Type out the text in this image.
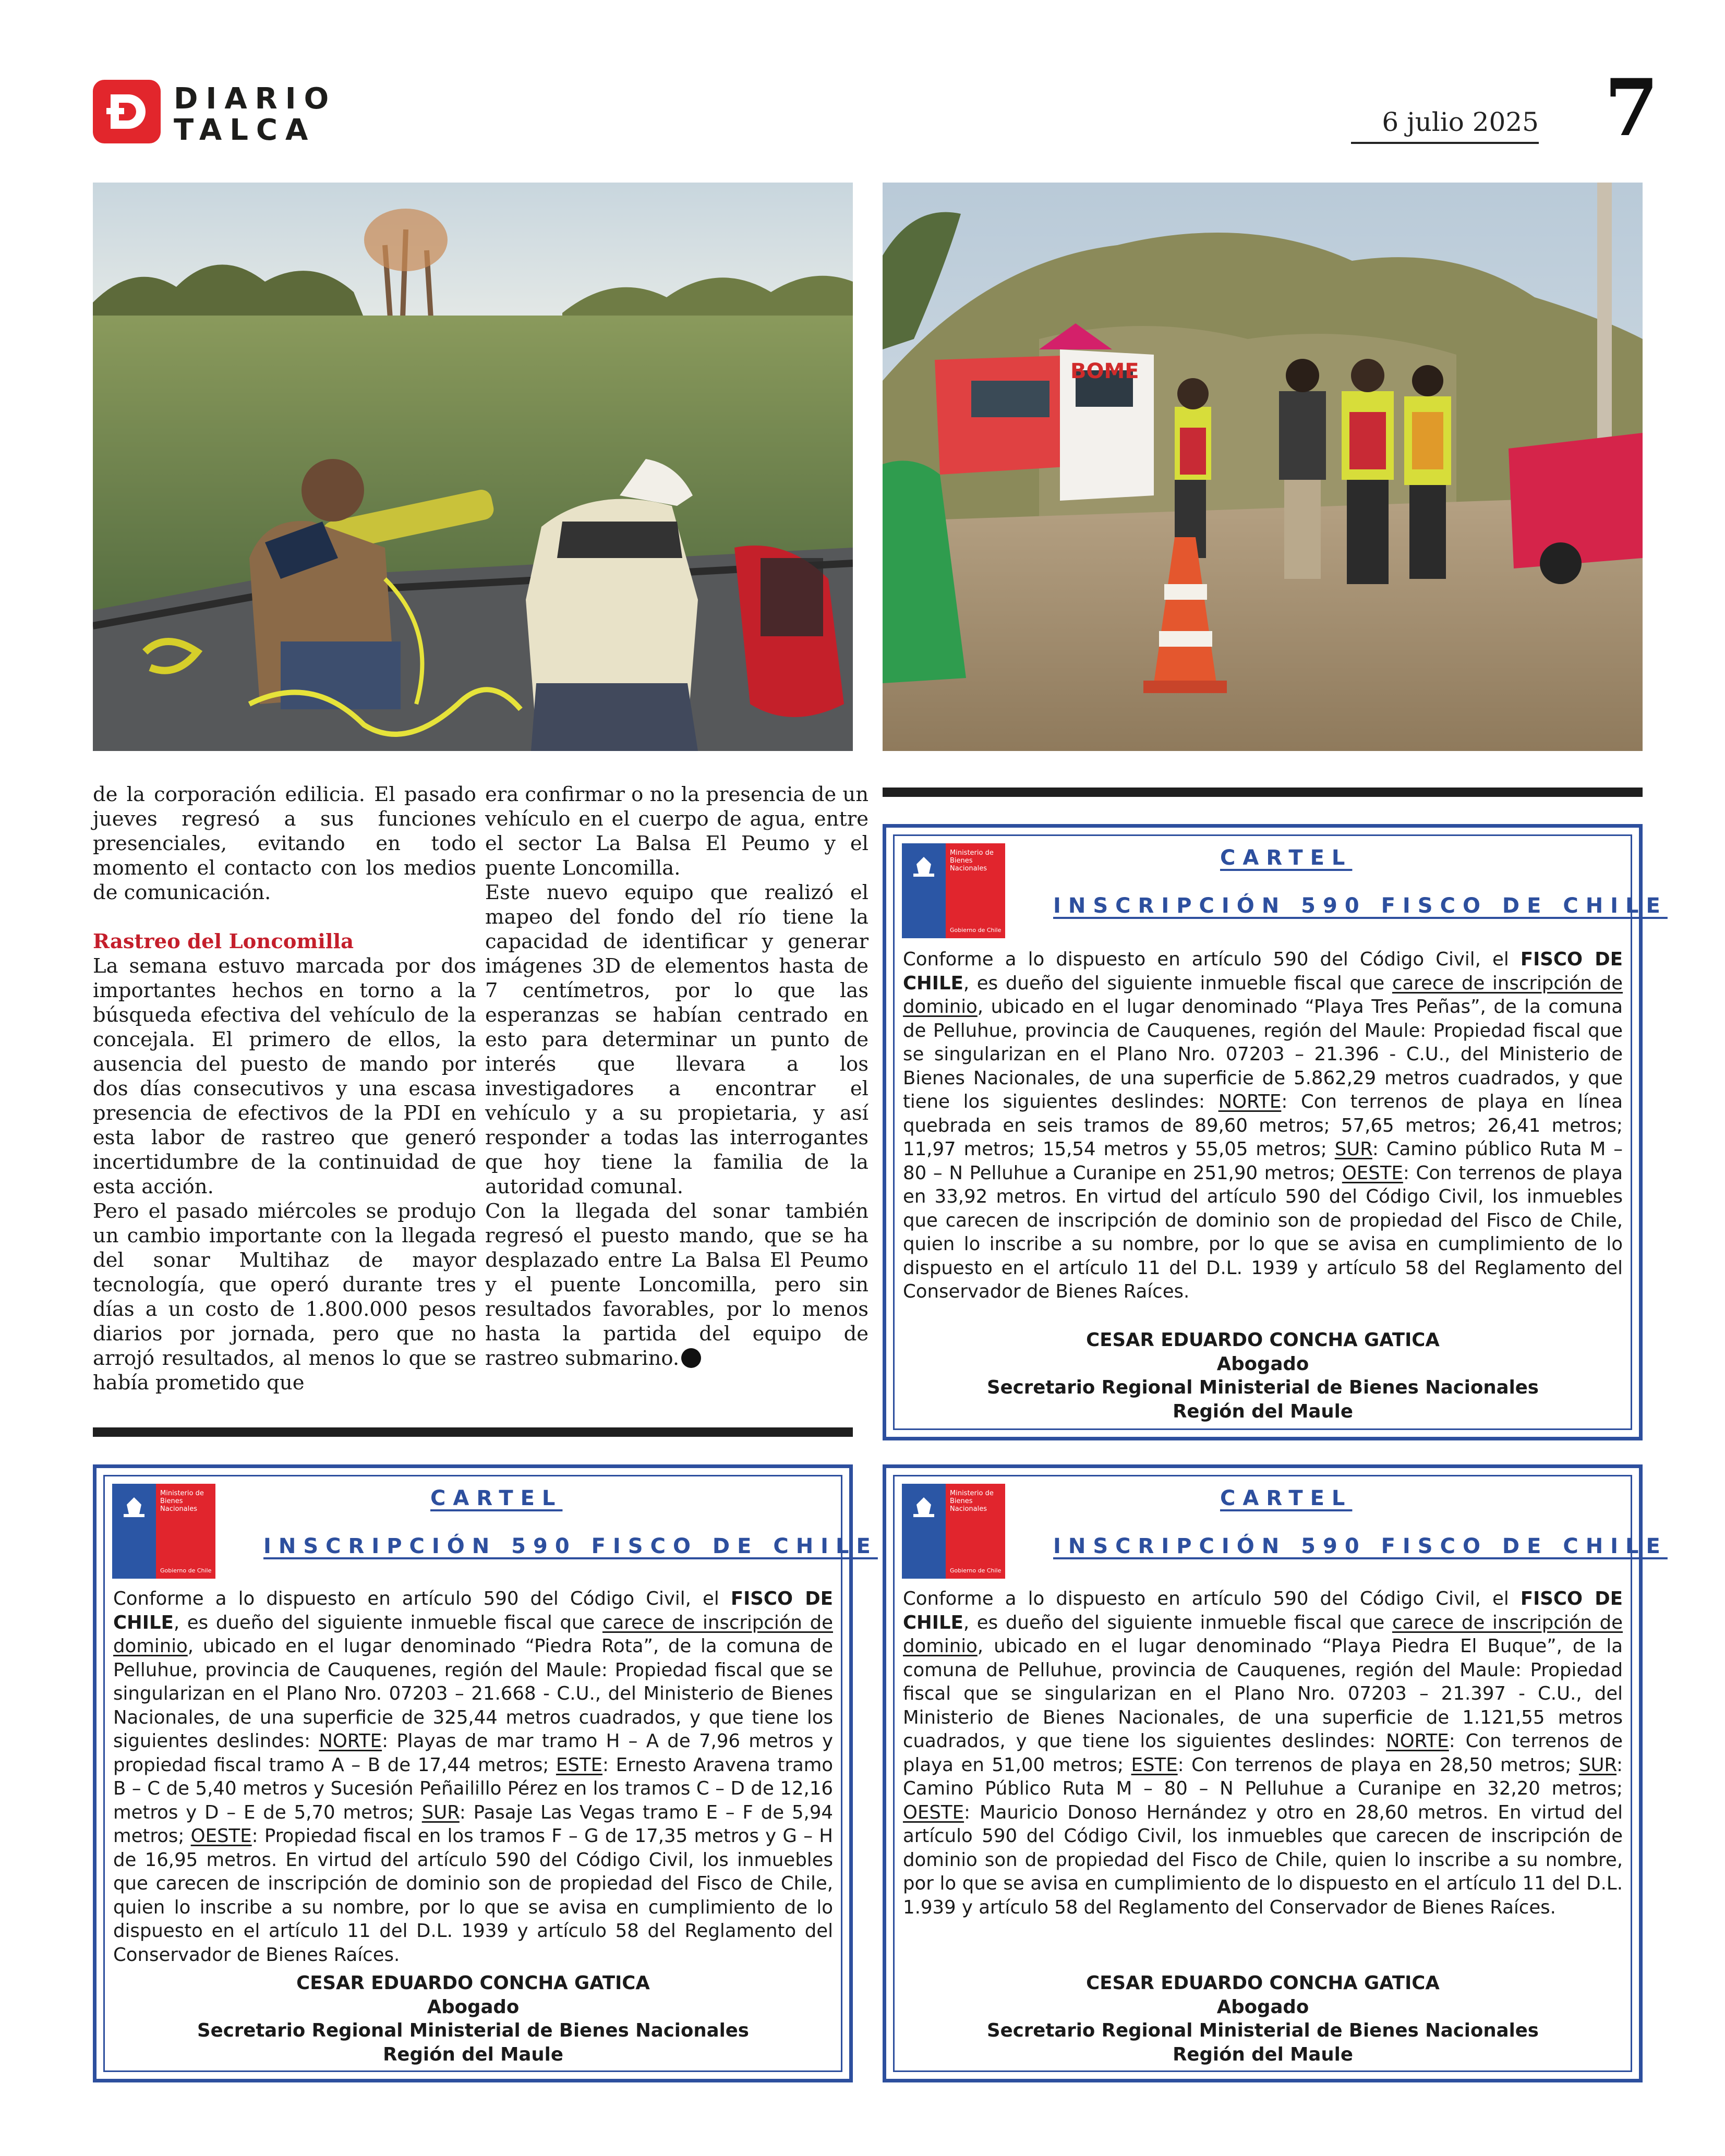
DIARIO
TALCA	6 julio 2025 7
BOME

de la corporación edilicia. El pasado jueves regresó a sus funciones presenciales, evitando en todo momento el contacto con los medios de comunicación.

Rastreo del Loncomilla

La semana estuvo marcada por dos importantes hechos en torno a la búsqueda efectiva del vehículo de la concejala. El primero de ellos, la ausencia del puesto de mando por dos días consecutivos y una escasa presencia de efectivos de la PDI en esta labor de rastreo que generó incertidumbre de la continuidad de esta acción.

Pero el pasado miércoles se produjo un cambio importante con la llegada del sonar Multihaz de mayor tecnología, que operó durante tres días a un costo de 1.800.000 pesos diarios por jornada, pero que no arrojó resultados, al menos lo que se había prometido que

era confirmar o no la presencia de un vehículo en el cuerpo de agua, entre el sector La Balsa El Peumo y el puente Loncomilla.

Este nuevo equipo que realizó el mapeo del fondo del río tiene la capacidad de identificar y generar imágenes 3D de elementos hasta de 7 centímetros, por lo que las esperanzas se habían centrado en esto para determinar un punto de interés que llevara a los investigadores a encontrar el vehículo y a su propietaria, y así responder a todas las interrogantes que hoy tiene la familia de la autoridad comunal.

Con la llegada del sonar también regresó el puesto mando, que se ha desplazado entre La Balsa El Peumo y el puente Loncomilla, pero sin resultados favorables, por lo menos hasta la partida del equipo de rastreo submarino.

Ministerio de
Bienes
Nacionales
Gobierno de Chile
CARTEL
INSCRIPCIÓN 590 FISCO DE CHILE
Conforme a lo dispuesto en artículo 590 del Código Civil, el FISCO DE CHILE, es dueño del siguiente inmueble fiscal que carece de inscripción de dominio, ubicado en el lugar denominado “Playa Tres Peñas”, de la comuna de Pelluhue, provincia de Cauquenes, región del Maule: Propiedad fiscal que se singularizan en el Plano Nro. 07203 – 21.396 - C.U., del Ministerio de Bienes Nacionales, de una superficie de 5.862,29 metros cuadrados, y que tiene los siguientes deslindes: NORTE: Con terrenos de playa en línea quebrada en seis tramos de 89,60 metros; 57,65 metros; 26,41 metros; 11,97 metros; 15,54 metros y 55,05 metros; SUR: Camino público Ruta M – 80 – N Pelluhue a Curanipe en 251,90 metros; OESTE: Con terrenos de playa en 33,92 metros. En virtud del artículo 590 del Código Civil, los inmuebles que carecen de inscripción de dominio son de propiedad del Fisco de Chile, quien lo inscribe a su nombre, por lo que se avisa en cumplimiento de lo dispuesto en el artículo 11 del D.L. 1939 y artículo 58 del Reglamento del Conservador de Bienes Raíces.
CESAR EDUARDO CONCHA GATICA
Abogado
Secretario Regional Ministerial de Bienes Nacionales
Región del Maule
Ministerio de
Bienes
Nacionales
Gobierno de Chile
CARTEL
INSCRIPCIÓN 590 FISCO DE CHILE
Conforme a lo dispuesto en artículo 590 del Código Civil, el FISCO DE CHILE, es dueño del siguiente inmueble fiscal que carece de inscripción de dominio, ubicado en el lugar denominado “Piedra Rota”, de la comuna de Pelluhue, provincia de Cauquenes, región del Maule: Propiedad fiscal que se singularizan en el Plano Nro. 07203 – 21.668 - C.U., del Ministerio de Bienes Nacionales, de una superficie de 325,44 metros cuadrados, y que tiene los siguientes deslindes: NORTE: Playas de mar tramo H – A de 7,96 metros y propiedad fiscal tramo A – B de 17,44 metros; ESTE: Ernesto Aravena tramo B – C de 5,40 metros y Sucesión Peñailillo Pérez en los tramos C – D de 12,16 metros y D – E de 5,70 metros; SUR: Pasaje Las Vegas tramo E – F de 5,94 metros; OESTE: Propiedad fiscal en los tramos F – G de 17,35 metros y G – H de 16,95 metros. En virtud del artículo 590 del Código Civil, los inmuebles que carecen de inscripción de dominio son de propiedad del Fisco de Chile, quien lo inscribe a su nombre, por lo que se avisa en cumplimiento de lo dispuesto en el artículo 11 del D.L. 1939 y artículo 58 del Reglamento del Conservador de Bienes Raíces.
CESAR EDUARDO CONCHA GATICA
Abogado
Secretario Regional Ministerial de Bienes Nacionales
Región del Maule
Ministerio de
Bienes
Nacionales
Gobierno de Chile
CARTEL
INSCRIPCIÓN 590 FISCO DE CHILE
Conforme a lo dispuesto en artículo 590 del Código Civil, el FISCO DE CHILE, es dueño del siguiente inmueble fiscal que carece de inscripción de dominio, ubicado en el lugar denominado “Playa Piedra El Buque”, de la comuna de Pelluhue, provincia de Cauquenes, región del Maule: Propiedad fiscal que se singularizan en el Plano Nro. 07203 – 21.397 - C.U., del Ministerio de Bienes Nacionales, de una superficie de 1.121,55 metros cuadrados, y que tiene los siguientes deslindes: NORTE: Con terrenos de playa en 51,00 metros; ESTE: Con terrenos de playa en 28,50 metros; SUR: Camino Público Ruta M – 80 – N Pelluhue a Curanipe en 32,20 metros; OESTE: Mauricio Donoso Hernández y otro en 28,60 metros. En virtud del artículo 590 del Código Civil, los inmuebles que carecen de inscripción de dominio son de propiedad del Fisco de Chile, quien lo inscribe a su nombre, por lo que se avisa en cumplimiento de lo dispuesto en el artículo 11 del D.L. 1.939 y artículo 58 del Reglamento del Conservador de Bienes Raíces.
CESAR EDUARDO CONCHA GATICA
Abogado
Secretario Regional Ministerial de Bienes Nacionales
Región del Maule
